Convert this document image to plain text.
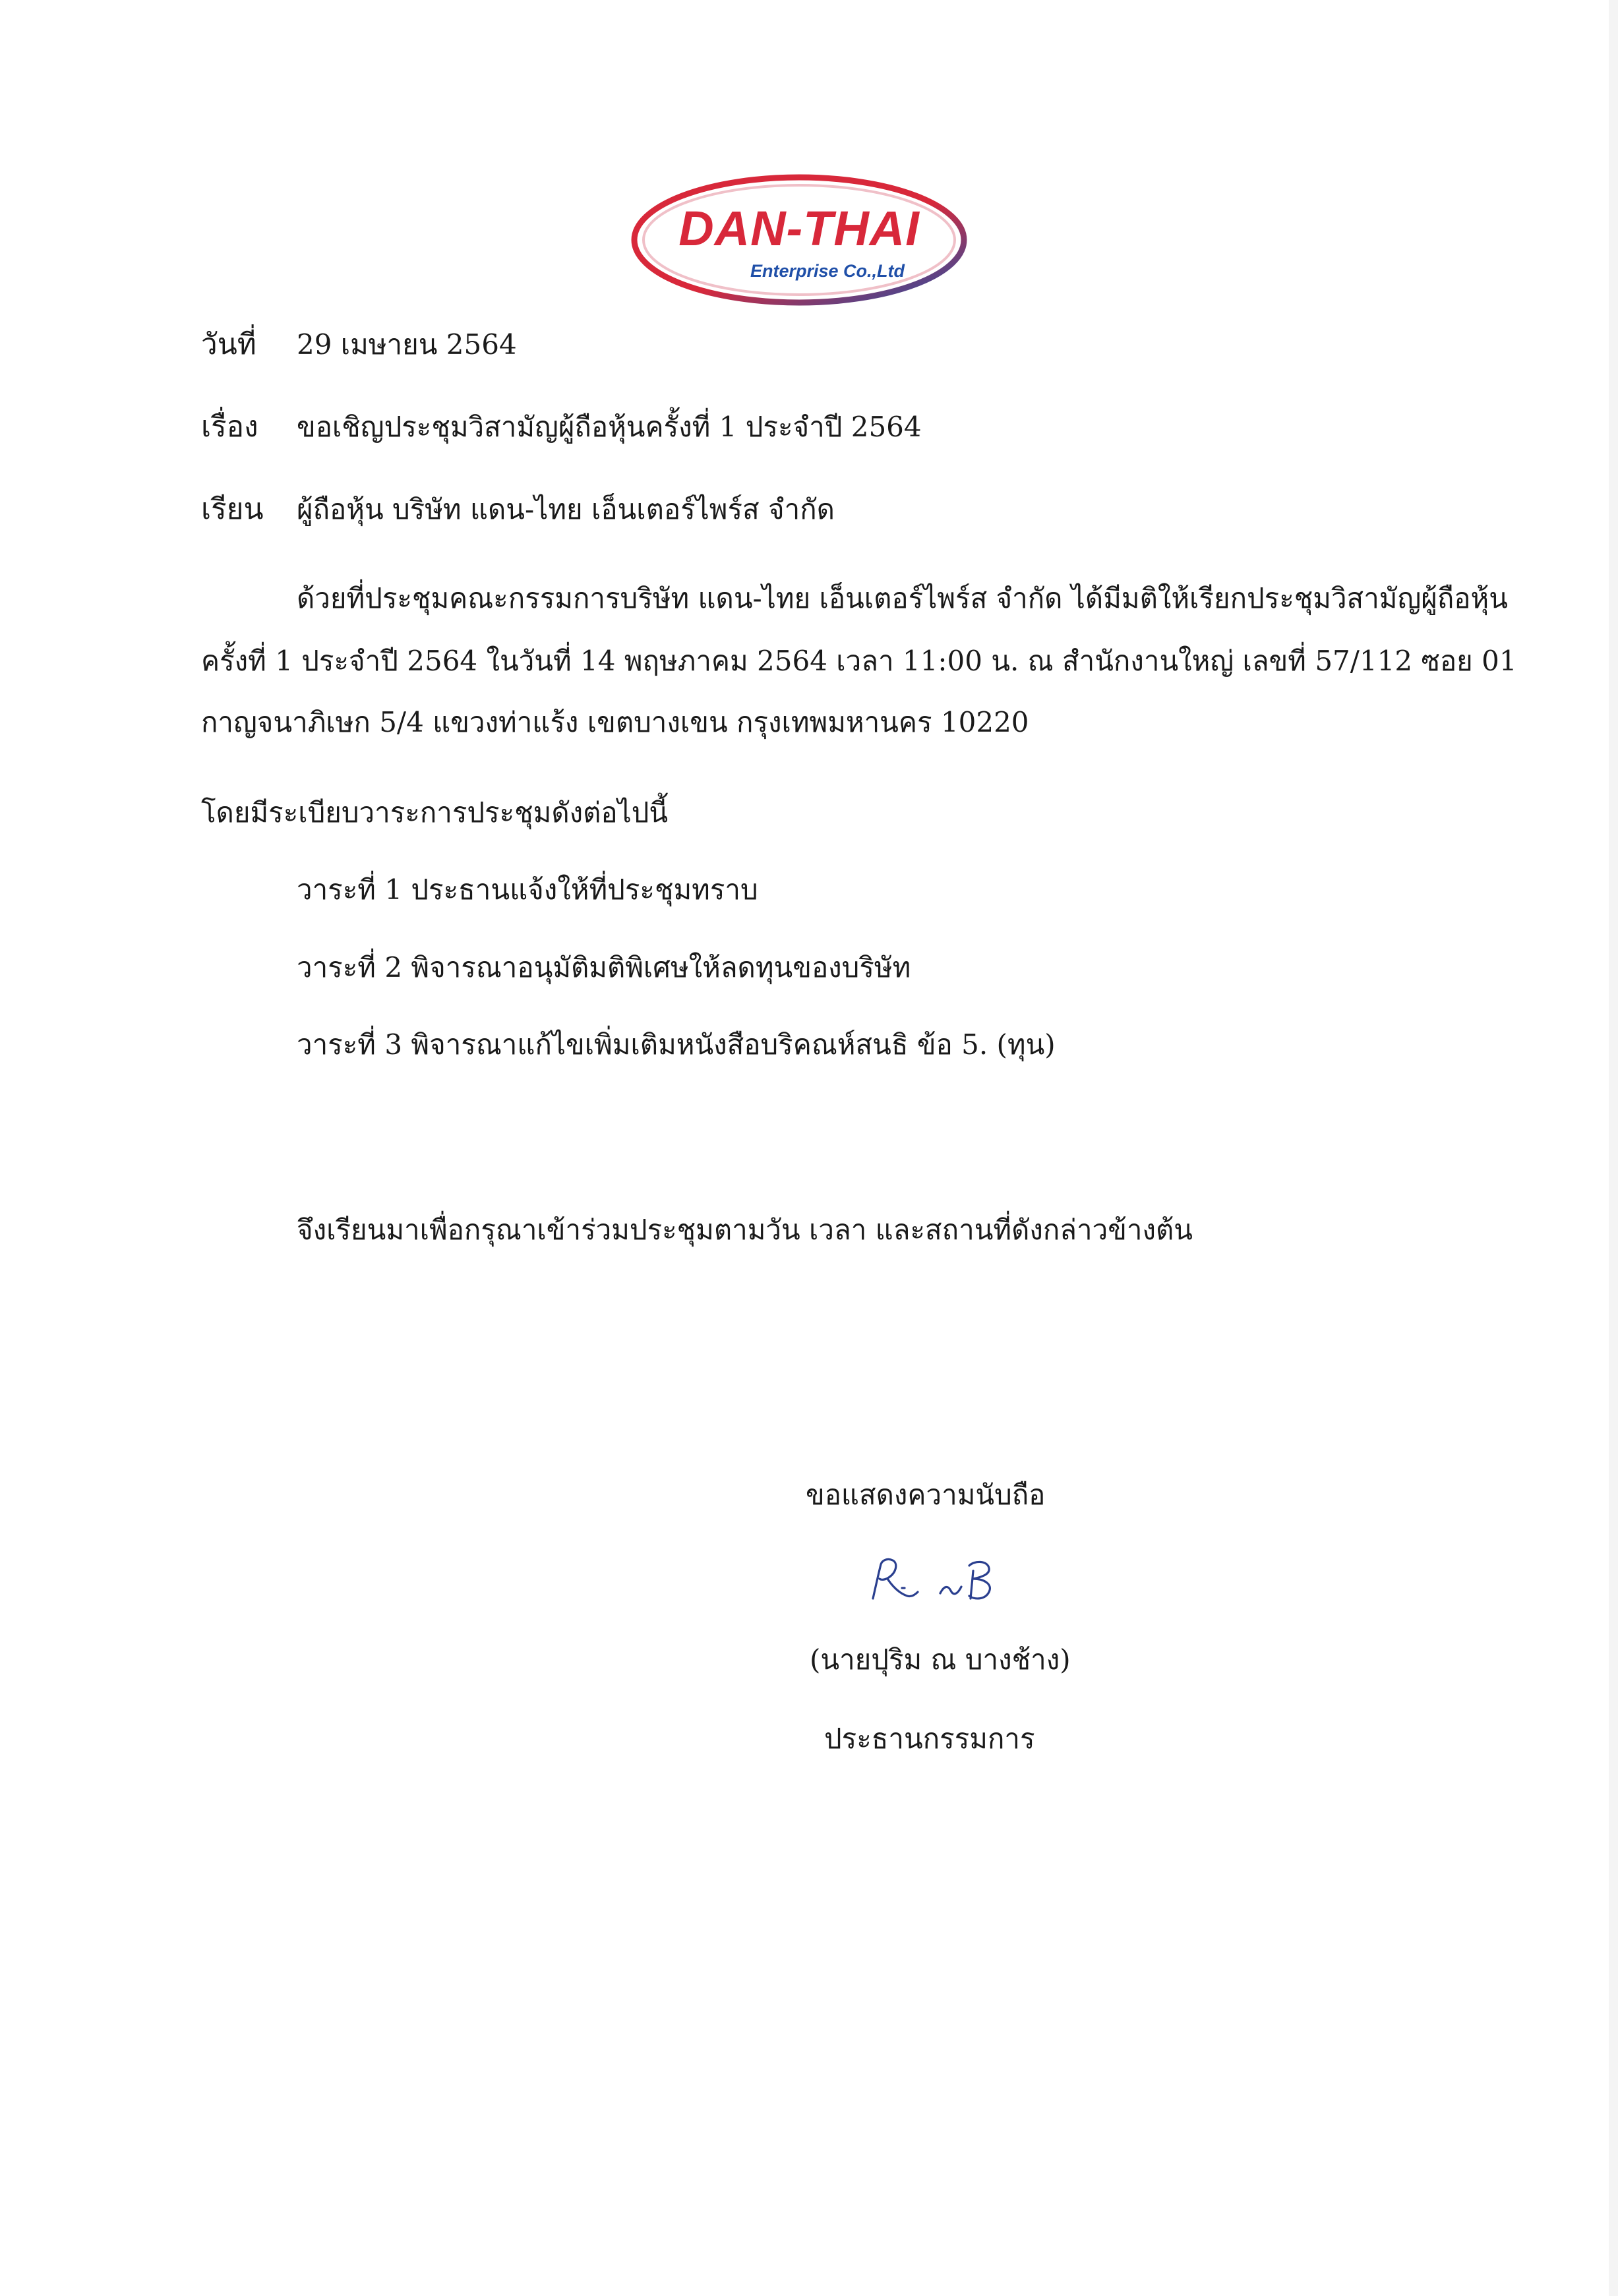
DAN-THAI
Enterprise Co.,Ltd
วันที่ 29 เมษายน 2564
เรื่อง ขอเชิญประชุมวิสามัญผู้ถือหุ้นครั้งที่ 1 ประจำปี 2564
เรียน ผู้ถือหุ้น บริษัท แดน-ไทย เอ็นเตอร์ไพร์ส จำกัด
ด้วยที่ประชุมคณะกรรมการบริษัท แดน-ไทย เอ็นเตอร์ไพร์ส จำกัด ได้มีมติให้เรียกประชุมวิสามัญผู้ถือหุ้น
ครั้งที่ 1 ประจำปี 2564 ในวันที่ 14 พฤษภาคม 2564 เวลา 11:00 น. ณ สำนักงานใหญ่ เลขที่ 57/112 ซอย 01
กาญจนาภิเษก 5/4 แขวงท่าแร้ง เขตบางเขน กรุงเทพมหานคร 10220
โดยมีระเบียบวาระการประชุมดังต่อไปนี้
วาระที่ 1 ประธานแจ้งให้ที่ประชุมทราบ
วาระที่ 2 พิจารณาอนุมัติมติพิเศษให้ลดทุนของบริษัท
วาระที่ 3 พิจารณาแก้ไขเพิ่มเติมหนังสือบริคณห์สนธิ ข้อ 5. (ทุน)
จึงเรียนมาเพื่อกรุณาเข้าร่วมประชุมตามวัน เวลา และสถานที่ดังกล่าวข้างต้น
ขอแสดงความนับถือ
(นายปุริม ณ บางช้าง)
ประธานกรรมการ
